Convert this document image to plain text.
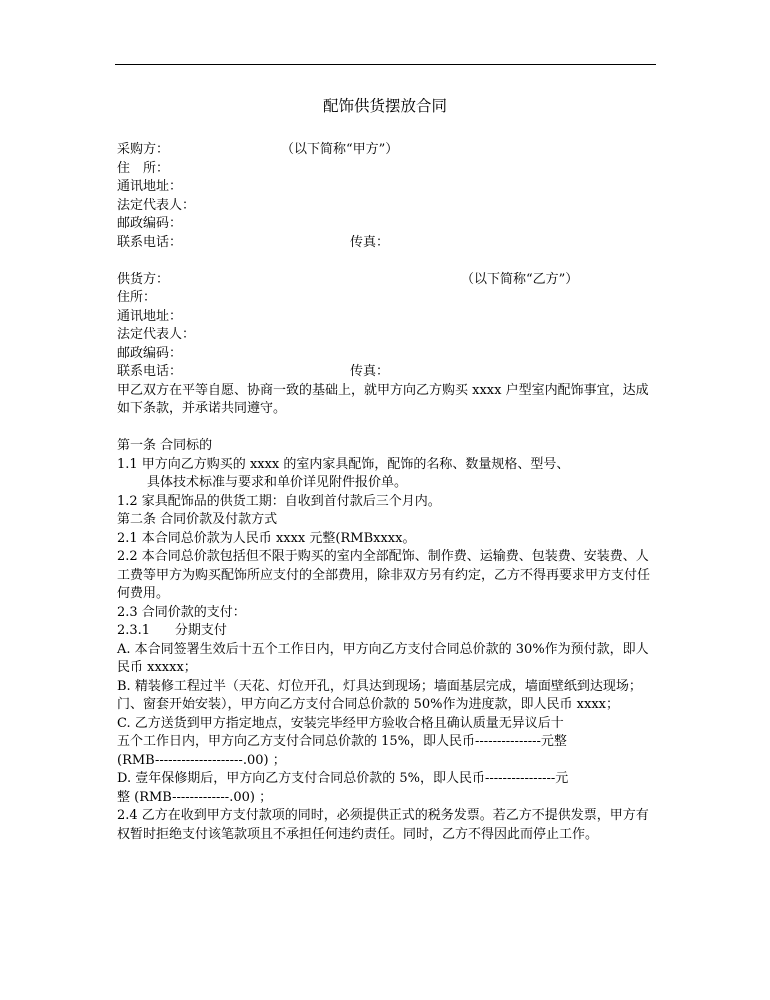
配饰供货摆放合同
采购方：	（以下简称“甲方”）
住　所：
通讯地址：
法定代表人：
邮政编码：
联系电话：	传真：
供货方：	（以下简称“乙方”）
住所：
通讯地址：
法定代表人：
邮政编码：
联系电话：	传真：
甲乙双方在平等自愿、协商一致的基础上，就甲方向乙方购买 xxxx 户型室内配饰事宜，达成如下条款，并承诺共同遵守。
第一条 合同标的
1.1 甲方向乙方购买的 xxxx 的室内家具配饰，配饰的名称、数量规格、型号、
具体技术标准与要求和单价详见附件报价单。
1.2 家具配饰品的供货工期：自收到首付款后三个月内。
第二条 合同价款及付款方式
2.1 本合同总价款为人民币 xxxx 元整(RMBxxxx。
2.2 本合同总价款包括但不限于购买的室内全部配饰、制作费、运输费、包装费、安装费、人工费等甲方为购买配饰所应支付的全部费用，除非双方另有约定，乙方不得再要求甲方支付任何费用。
2.3 合同价款的支付：
2.3.1      分期支付
A. 本合同签署生效后十五个工作日内，甲方向乙方支付合同总价款的 30%作为预付款，即人民币 xxxxx；
B. 精装修工程过半（天花、灯位开孔，灯具达到现场；墙面基层完成，墙面壁纸到达现场；门、窗套开始安装），甲方向乙方支付合同总价款的 50%作为进度款，即人民币 xxxx；
C. 乙方送货到甲方指定地点，安装完毕经甲方验收合格且确认质量无异议后十
五个工作日内，甲方向乙方支付合同总价款的 15%，即人民币---------------元整
(RMB--------------------.00) ；
D. 壹年保修期后，甲方向乙方支付合同总价款的 5%，即人民币----------------元
整 (RMB-------------.00) ；
2.4 乙方在收到甲方支付款项的同时，必须提供正式的税务发票。若乙方不提供发票，甲方有权暂时拒绝支付该笔款项且不承担任何违约责任。同时，乙方不得因此而停止工作。
